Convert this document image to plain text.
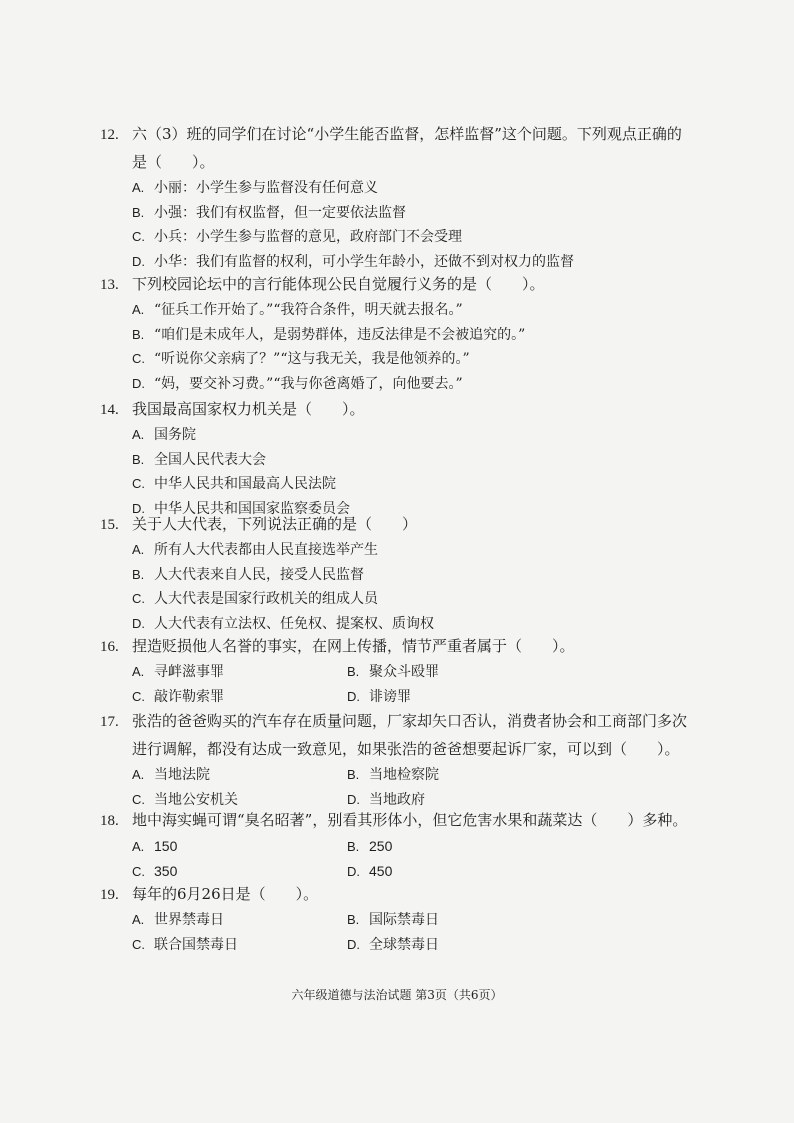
12. 六（3）班的同学们在讨论“小学生能否监督，怎样监督”这个问题。下列观点正确的
是（　　）。
A. 小丽：小学生参与监督没有任何意义
B. 小强：我们有权监督，但一定要依法监督
C. 小兵：小学生参与监督的意见，政府部门不会受理
D. 小华：我们有监督的权利，可小学生年龄小，还做不到对权力的监督
13. 下列校园论坛中的言行能体现公民自觉履行义务的是（　　）。
A. “征兵工作开始了。”“我符合条件，明天就去报名。”
B. “咱们是未成年人，是弱势群体，违反法律是不会被追究的。”
C. “听说你父亲病了？”“这与我无关，我是他领养的。”
D. “妈，要交补习费。”“我与你爸离婚了，向他要去。”
14. 我国最高国家权力机关是（　　）。
A. 国务院
B. 全国人民代表大会
C. 中华人民共和国最高人民法院
D. 中华人民共和国国家监察委员会
15. 关于人大代表，下列说法正确的是（　　）
A. 所有人大代表都由人民直接选举产生
B. 人大代表来自人民，接受人民监督
C. 人大代表是国家行政机关的组成人员
D. 人大代表有立法权、任免权、提案权、质询权
16. 捏造贬损他人名誉的事实，在网上传播，情节严重者属于（　　）。
A. 寻衅滋事罪	B. 聚众斗殴罪
C. 敲诈勒索罪	D. 诽谤罪
17. 张浩的爸爸购买的汽车存在质量问题，厂家却矢口否认，消费者协会和工商部门多次
进行调解，都没有达成一致意见，如果张浩的爸爸想要起诉厂家，可以到（　　）。
A. 当地法院	B. 当地检察院
C. 当地公安机关	D. 当地政府
18. 地中海实蝇可谓“臭名昭著”，别看其形体小，但它危害水果和蔬菜达（　　）多种。
A. 150	B. 250
C. 350	D. 450
19. 每年的6月26日是（　　）。
A. 世界禁毒日	B. 国际禁毒日
C. 联合国禁毒日	D. 全球禁毒日
六年级道德与法治试题 第3页（共6页）
